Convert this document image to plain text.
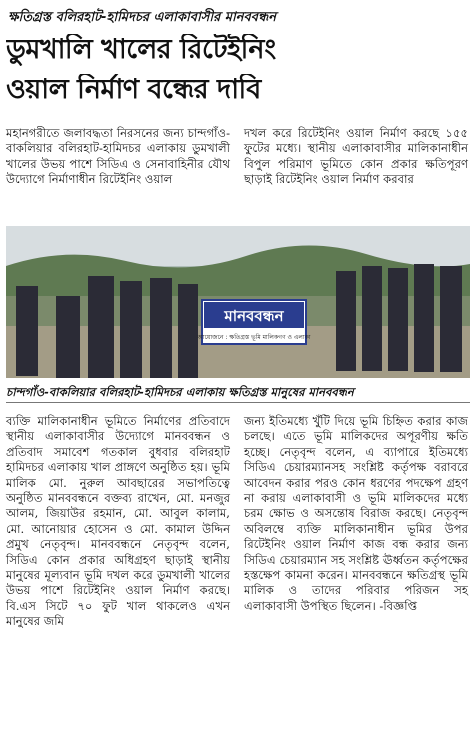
ক্ষতিগ্রস্ত বলিরহাট-হামিদচর এলাকাবাসীর মানববন্ধন
ডুমখালি খালের রিটেইনিং
ওয়াল নির্মাণ বন্ধের দাবি

মহানগরীতে জলাবদ্ধতা নিরসনের জন্য চান্দগাঁও-বাকলিয়ার বলিরহাট-হামিদচর এলাকায় ডুমখালী খালের উভয় পাশে সিডিএ ও সেনাবাহিনীর যৌথ উদ্যোগে নির্মাণাধীন রিটেইনিং ওয়াল

দখল করে রিটেইনিং ওয়াল নির্মাণ করছে ১৫৫ ফুটের মধ্যে। স্থানীয় এলাকাবাসীর মালিকানাধীন বিপুল পরিমাণ ভূমিতে কোন প্রকার ক্ষতিপূরণ ছাড়াই রিটেইনিং ওয়াল নির্মাণ করবার

মানববন্ধন
আয়োজনে : ক্ষতিগ্রস্ত ভূমি মালিকগণ ও এলাকা
চান্দগাঁও-বাকলিয়ার বলিরহাট-হামিদচর এলাকায় ক্ষতিগ্রস্ত মানুষের মানববন্ধন

ব্যক্তি মালিকানাধীন ভূমিতে নির্মাণের প্রতিবাদে স্থানীয় এলাকাবাসীর উদ্যোগে মানববন্ধন ও প্রতিবাদ সমাবেশ গতকাল বুধবার বলিরহাট হামিদচর এলাকায় খাল প্রাঙ্গণে অনুষ্ঠিত হয়। ভূমি মালিক মো. নুরুল আবছারের সভাপতিত্বে অনুষ্ঠিত মানববন্ধনে বক্তব্য রাখেন, মো. মনজুর আলম, জিয়াউর রহমান, মো. আবুল কালাম, মো. আনোয়ার হোসেন ও মো. কামাল উদ্দিন প্রমুখ নেতৃবৃন্দ। মানববন্ধনে নেতৃবৃন্দ বলেন, সিডিএ কোন প্রকার অধিগ্রহণ ছাড়াই স্থানীয় মানুষের মূল্যবান ভূমি দখল করে ডুমখালী খালের উভয় পাশে রিটেইনিং ওয়াল নির্মাণ করছে। বি.এস সিটে ৭০ ফুট খাল থাকলেও এখন মানুষের জমি

জন্য ইতিমধ্যে খুঁটি দিয়ে ভূমি চিহ্নিত করার কাজ চলছে। এতে ভূমি মালিকদের অপূরণীয় ক্ষতি হচ্ছে। নেতৃবৃন্দ বলেন, এ ব্যাপারে ইতিমধ্যে সিডিএ চেয়ারম্যানসহ সংশ্লিষ্ট কর্তৃপক্ষ বরাবরে আবেদন করার পরও কোন ধরণের পদক্ষেপ গ্রহণ না করায় এলাকাবাসী ও ভূমি মালিকদের মধ্যে চরম ক্ষোভ ও অসন্তোষ বিরাজ করছে। নেতৃবৃন্দ অবিলম্বে ব্যক্তি মালিকানাধীন ভূমির উপর রিটেইনিং ওয়াল নির্মাণ কাজ বন্ধ করার জন্য সিডিএ চেয়ারম্যান সহ সংশ্লিষ্ট ঊর্ধ্বতন কর্তৃপক্ষের হস্তক্ষেপ কামনা করেন। মানববন্ধনে ক্ষতিগ্রস্থ ভূমি মালিক ও তাদের পরিবার পরিজন সহ এলাকাবাসী উপস্থিত ছিলেন। -বিজ্ঞপ্তি
